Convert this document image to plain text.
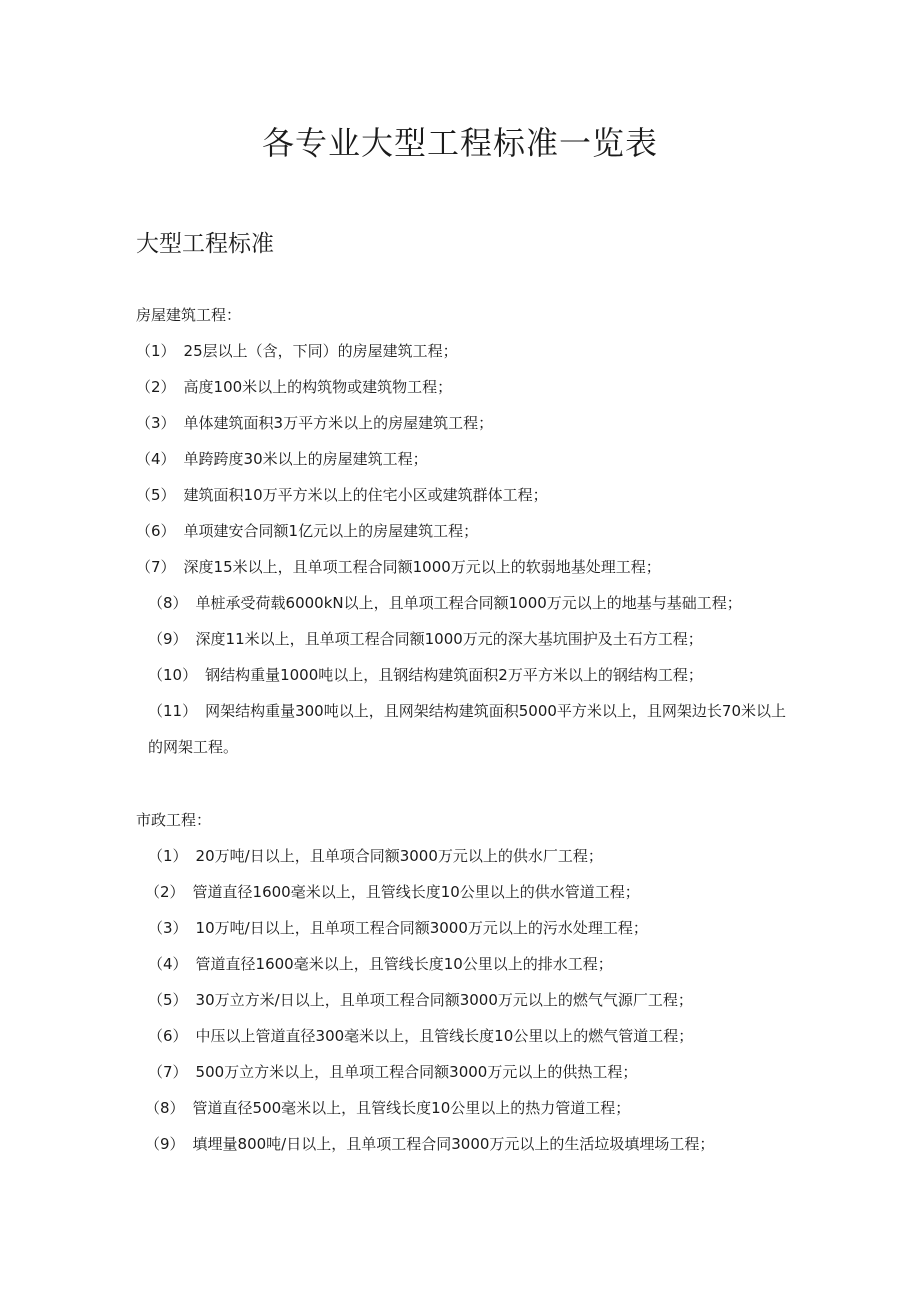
各专业大型工程标准一览表
大型工程标准

房屋建筑工程：

（1） 25层以上（含，下同）的房屋建筑工程；
（2） 高度100米以上的构筑物或建筑物工程；
（3） 单体建筑面积3万平方米以上的房屋建筑工程；
（4） 单跨跨度30米以上的房屋建筑工程；
（5） 建筑面积10万平方米以上的住宅小区或建筑群体工程；
（6） 单项建安合同额1亿元以上的房屋建筑工程；
（7） 深度15米以上，且单项工程合同额1000万元以上的软弱地基处理工程；
（8） 单桩承受荷载6000kN以上，且单项工程合同额1000万元以上的地基与基础工程；
（9） 深度11米以上，且单项工程合同额1000万元的深大基坑围护及土石方工程；
（10） 钢结构重量1000吨以上，且钢结构建筑面积2万平方米以上的钢结构工程；
（11） 网架结构重量300吨以上，且网架结构建筑面积5000平方米以上，且网架边长70米以上的网架工程。

市政工程：

（1） 20万吨/日以上，且单项合同额3000万元以上的供水厂工程；
（2） 管道直径1600毫米以上，且管线长度10公里以上的供水管道工程；
（3） 10万吨/日以上，且单项工程合同额3000万元以上的污水处理工程；
（4） 管道直径1600毫米以上，且管线长度10公里以上的排水工程；
（5） 30万立方米/日以上，且单项工程合同额3000万元以上的燃气气源厂工程；
（6） 中压以上管道直径300毫米以上，且管线长度10公里以上的燃气管道工程；
（7） 500万立方米以上，且单项工程合同额3000万元以上的供热工程；
（8） 管道直径500毫米以上，且管线长度10公里以上的热力管道工程；
（9） 填埋量800吨/日以上，且单项工程合同3000万元以上的生活垃圾填埋场工程；
